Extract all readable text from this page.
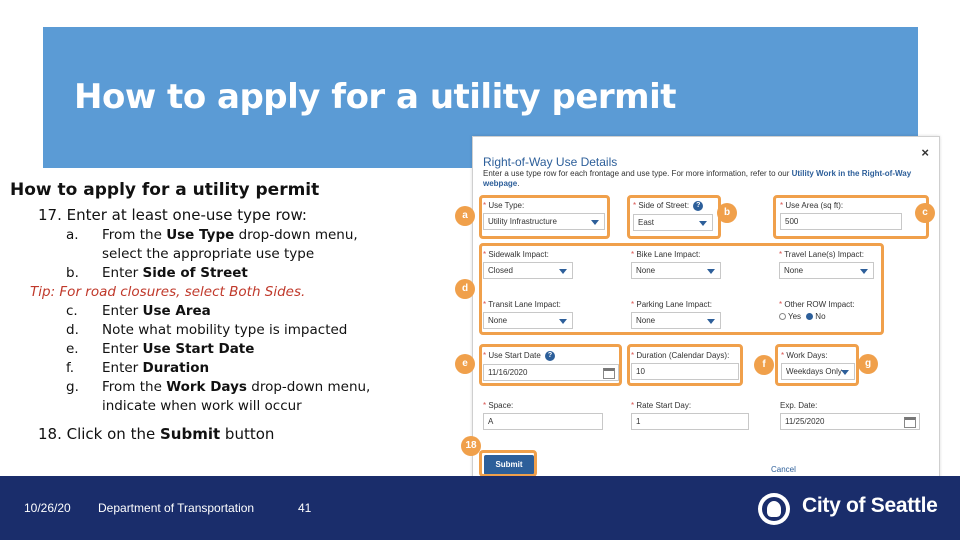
How to apply for a utility permit
How to apply for a utility permit
17. Enter at least one-use type row:
a.	From the Use Type drop-down menu,
select the appropriate use type
b.	Enter Side of Street
Tip: For road closures, select Both Sides.
c.	Enter Use Area
d.	Note what mobility type is impacted
e.	Enter Use Start Date
f.	Enter Duration
g.	From the Work Days drop-down menu,
indicate when work will occur
18. Click on the Submit button
Right-of-Way Use Details
×
Enter a use type row for each frontage and use type. For more information, refer to our Utility Work in the Right-of-Way webpage.
* Use Type:
Utility Infrastructure
* Side of Street: ?
East
* Use Area (sq ft):
500
* Sidewalk Impact:
Closed
* Bike Lane Impact:
None
* Travel Lane(s) Impact:
None
* Transit Lane Impact:
None
* Parking Lane Impact:
None
* Other ROW Impact:
Yes No
* Use Start Date ?
11/16/2020
* Duration (Calendar Days):
10
* Work Days:
Weekdays Only
* Space:
A
* Rate Start Day:
1
Exp. Date:
11/25/2020
Submit
Cancel
a	b	c
d
e	f	g
18
10/26/20 Department of Transportation	41	City of Seattle
